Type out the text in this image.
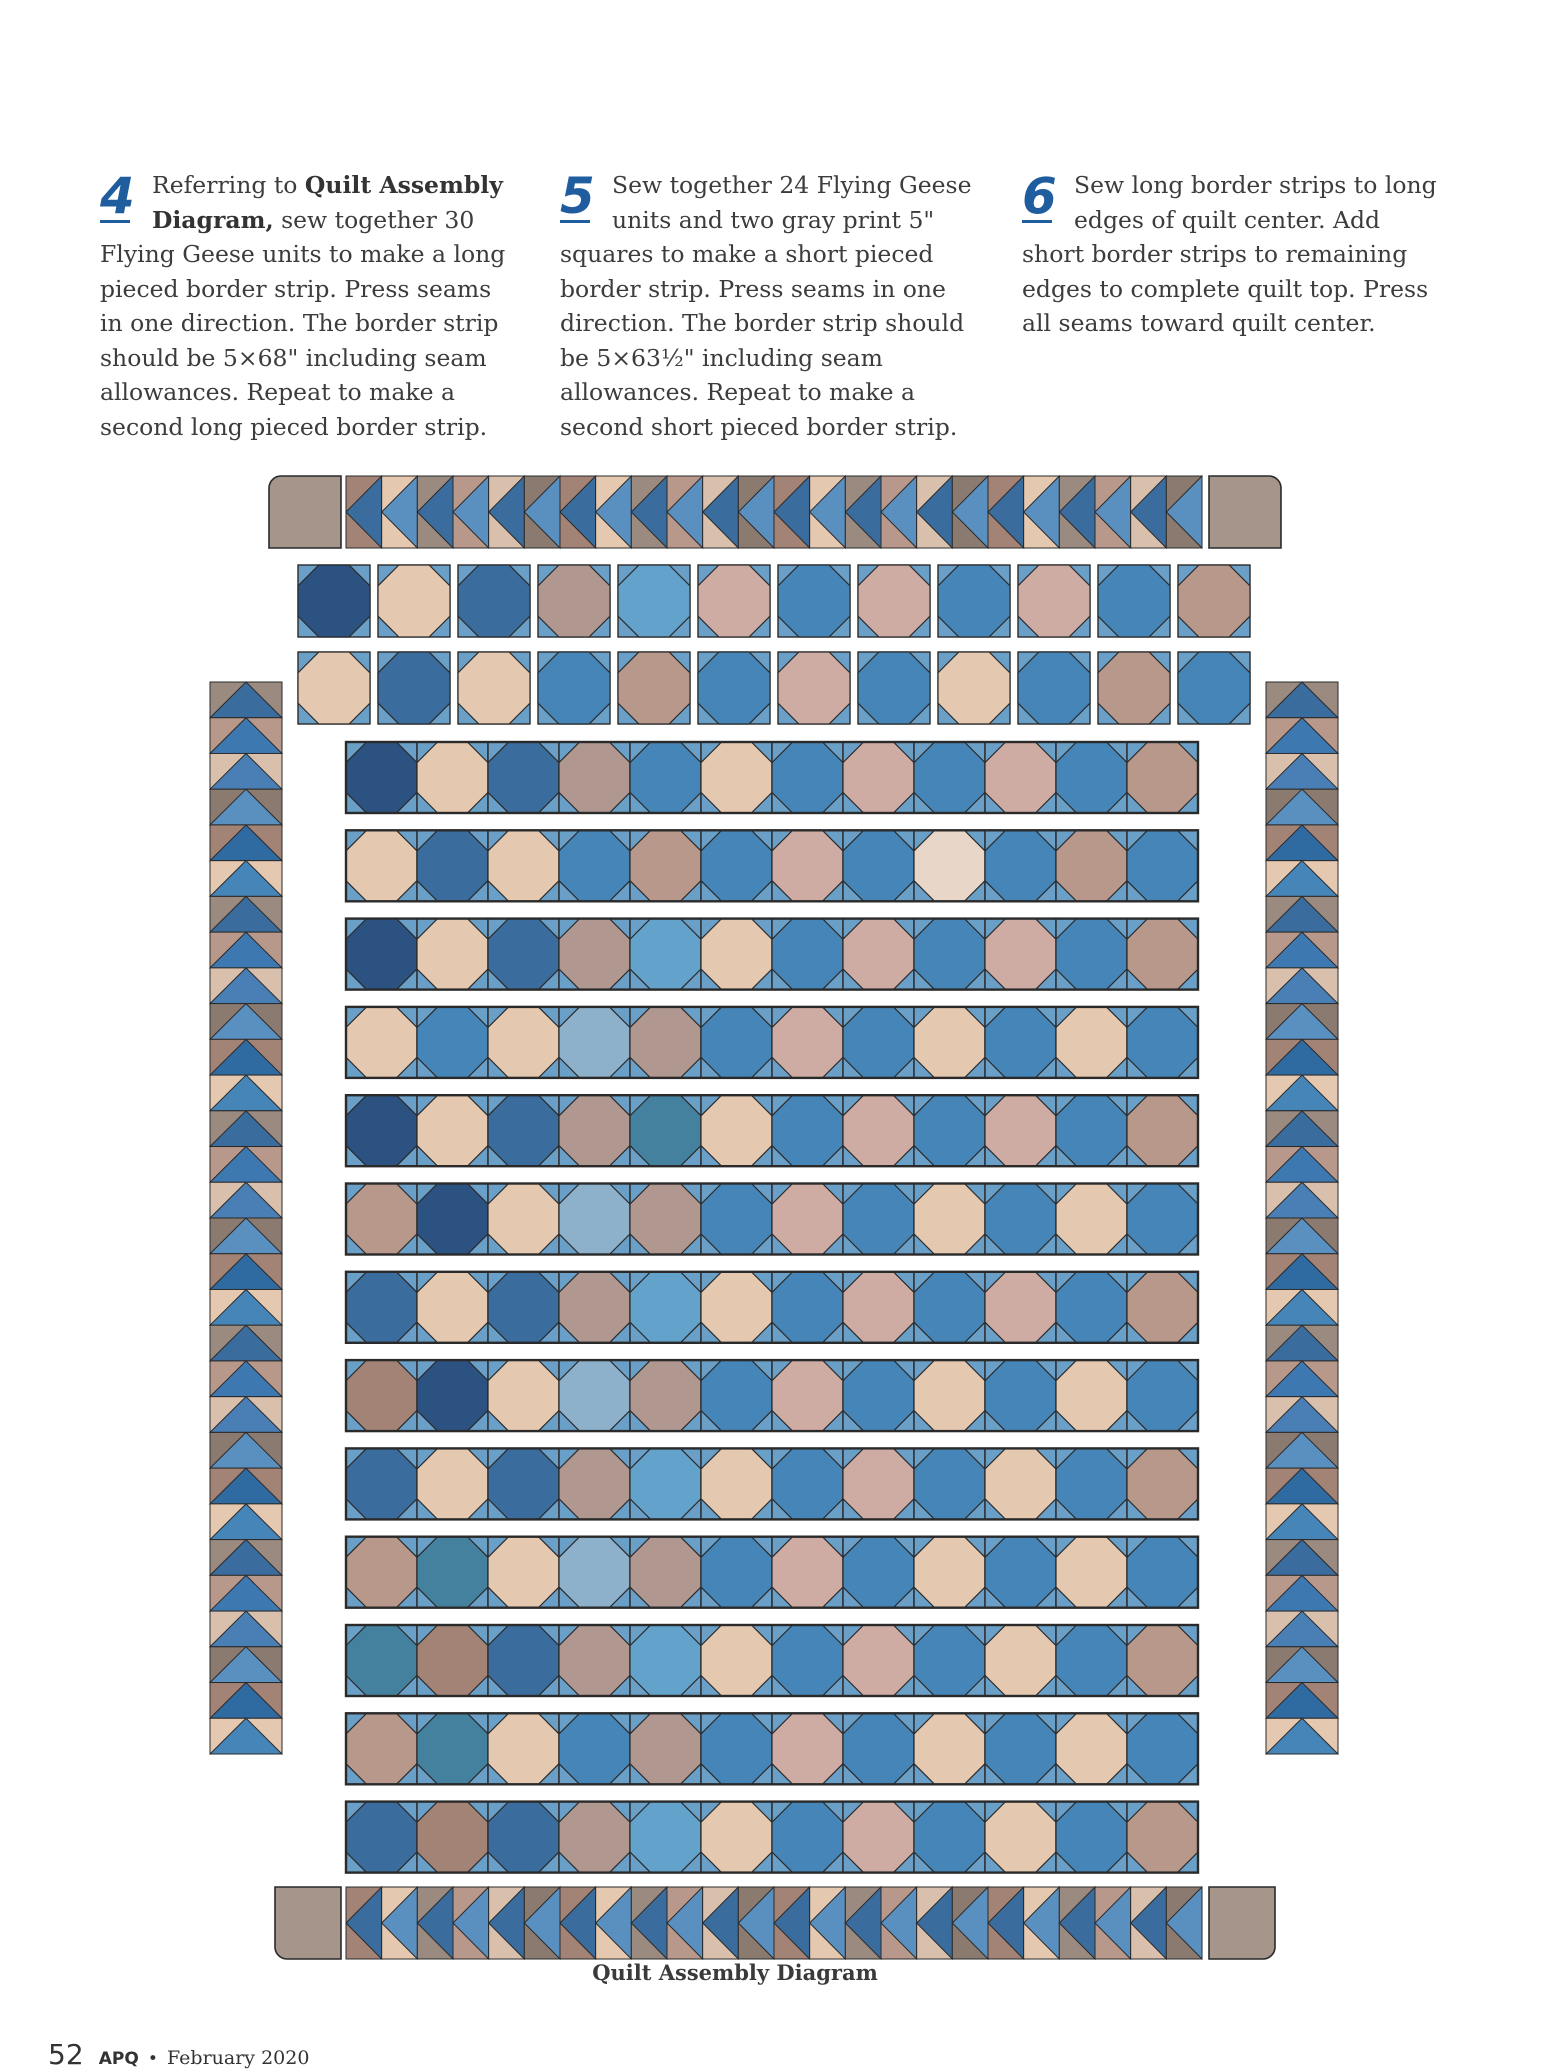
4 Referring to Quilt Assembly Diagram, sew together 30 Flying Geese units to make a long pieced border strip. Press seams in one direction. The border strip should be 5×68" including seam allowances. Repeat to make a second long pieced border strip.
5 Sew together 24 Flying Geese units and two gray print 5" squares to make a short pieced border strip. Press seams in one direction. The border strip should be 5×63½" including seam allowances. Repeat to make a second short pieced border strip.
6 Sew long border strips to long edges of quilt center. Add short border strips to remaining edges to complete quilt top. Press all seams toward quilt center.
Quilt Assembly Diagram
52 APQ • February 2020
